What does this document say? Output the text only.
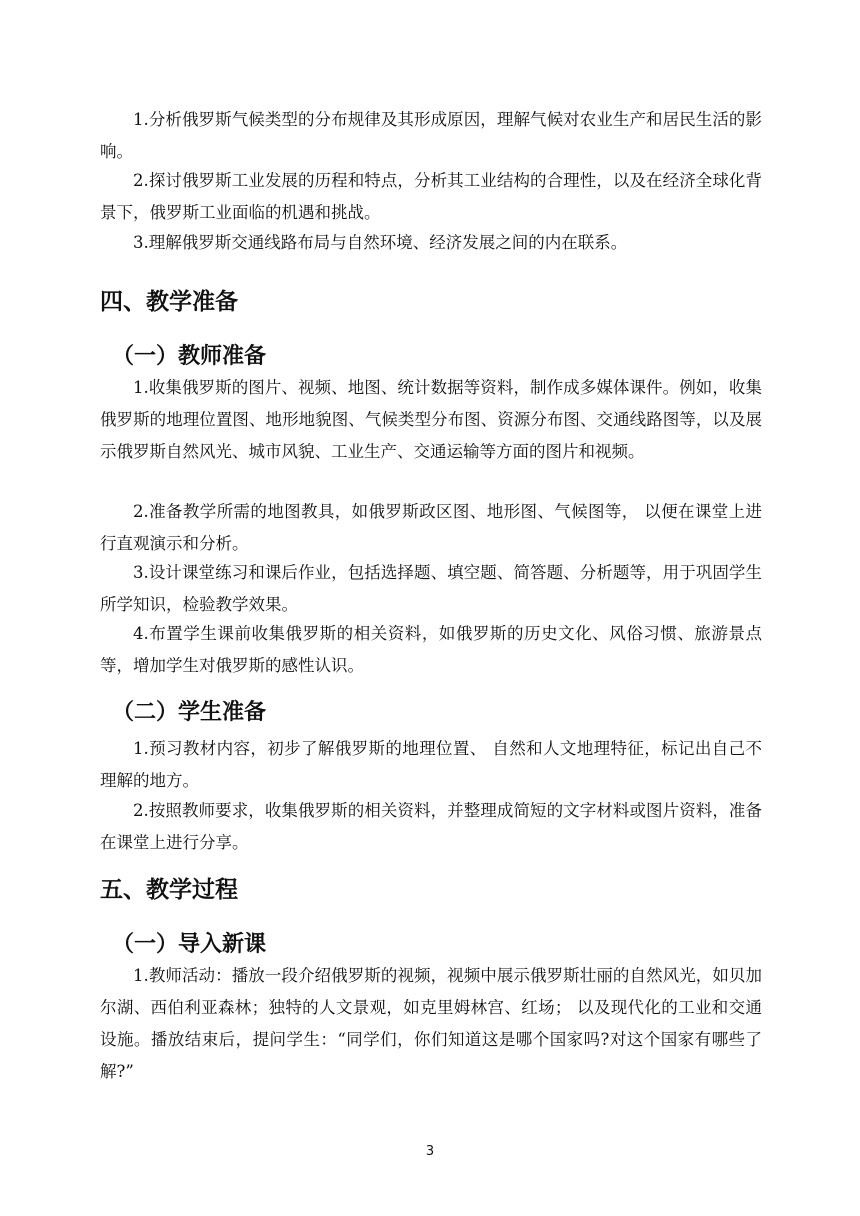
1.分析俄罗斯气候类型的分布规律及其形成原因，理解气候对农业生产和居民生活的影响。

2.探讨俄罗斯工业发展的历程和特点，分析其工业结构的合理性，以及在经济全球化背景下，俄罗斯工业面临的机遇和挑战。

3.理解俄罗斯交通线路布局与自然环境、经济发展之间的内在联系。

四、教学准备
（一）教师准备

1.收集俄罗斯的图片、视频、地图、统计数据等资料，制作成多媒体课件。例如，收集俄罗斯的地理位置图、地形地貌图、气候类型分布图、资源分布图、交通线路图等，以及展示俄罗斯自然风光、城市风貌、工业生产、交通运输等方面的图片和视频。

2.准备教学所需的地图教具，如俄罗斯政区图、地形图、气候图等， 以便在课堂上进行直观演示和分析。

3.设计课堂练习和课后作业，包括选择题、填空题、简答题、分析题等，用于巩固学生所学知识，检验教学效果。

4.布置学生课前收集俄罗斯的相关资料，如俄罗斯的历史文化、风俗习惯、旅游景点等，增加学生对俄罗斯的感性认识。

（二）学生准备

1.预习教材内容，初步了解俄罗斯的地理位置、 自然和人文地理特征，标记出自己不理解的地方。

2.按照教师要求，收集俄罗斯的相关资料，并整理成简短的文字材料或图片资料，准备在课堂上进行分享。

五、教学过程
（一）导入新课

1.教师活动：播放一段介绍俄罗斯的视频，视频中展示俄罗斯壮丽的自然风光，如贝加尔湖、西伯利亚森林；独特的人文景观，如克里姆林宫、红场； 以及现代化的工业和交通设施。播放结束后，提问学生：“同学们，你们知道这是哪个国家吗?对这个国家有哪些了解?”

3
